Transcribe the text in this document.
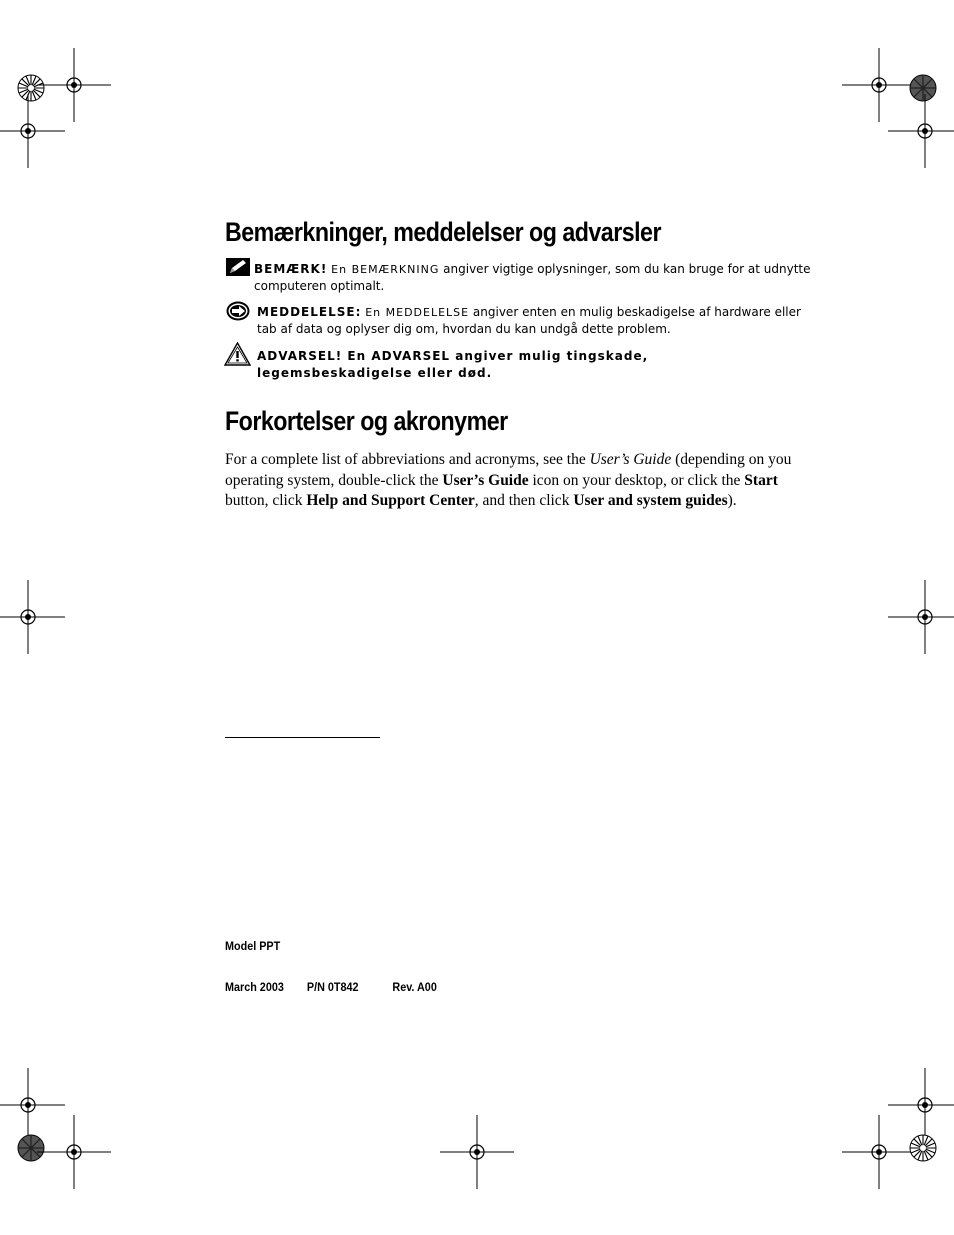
Bemærkninger, meddelelser og advarsler
BEMÆRK! En BEMÆRKNING angiver vigtige oplysninger, som du kan bruge for at udnytte computeren optimalt.
MEDDELELSE: En MEDDELELSE angiver enten en mulig beskadigelse af hardware eller tab af data og oplyser dig om, hvordan du kan undgå dette problem.
ADVARSEL! En ADVARSEL angiver mulig tingskade, legemsbeskadigelse eller død.
Forkortelser og akronymer
For a complete list of abbreviations and acronyms, see the User’s Guide (depending on you operating system, double-click the User’s Guide icon on your desktop, or click the Start button, click Help and Support Center, and then click User and system guides).
Model PPT
March 2003 P/N 0T842	Rev. A00
